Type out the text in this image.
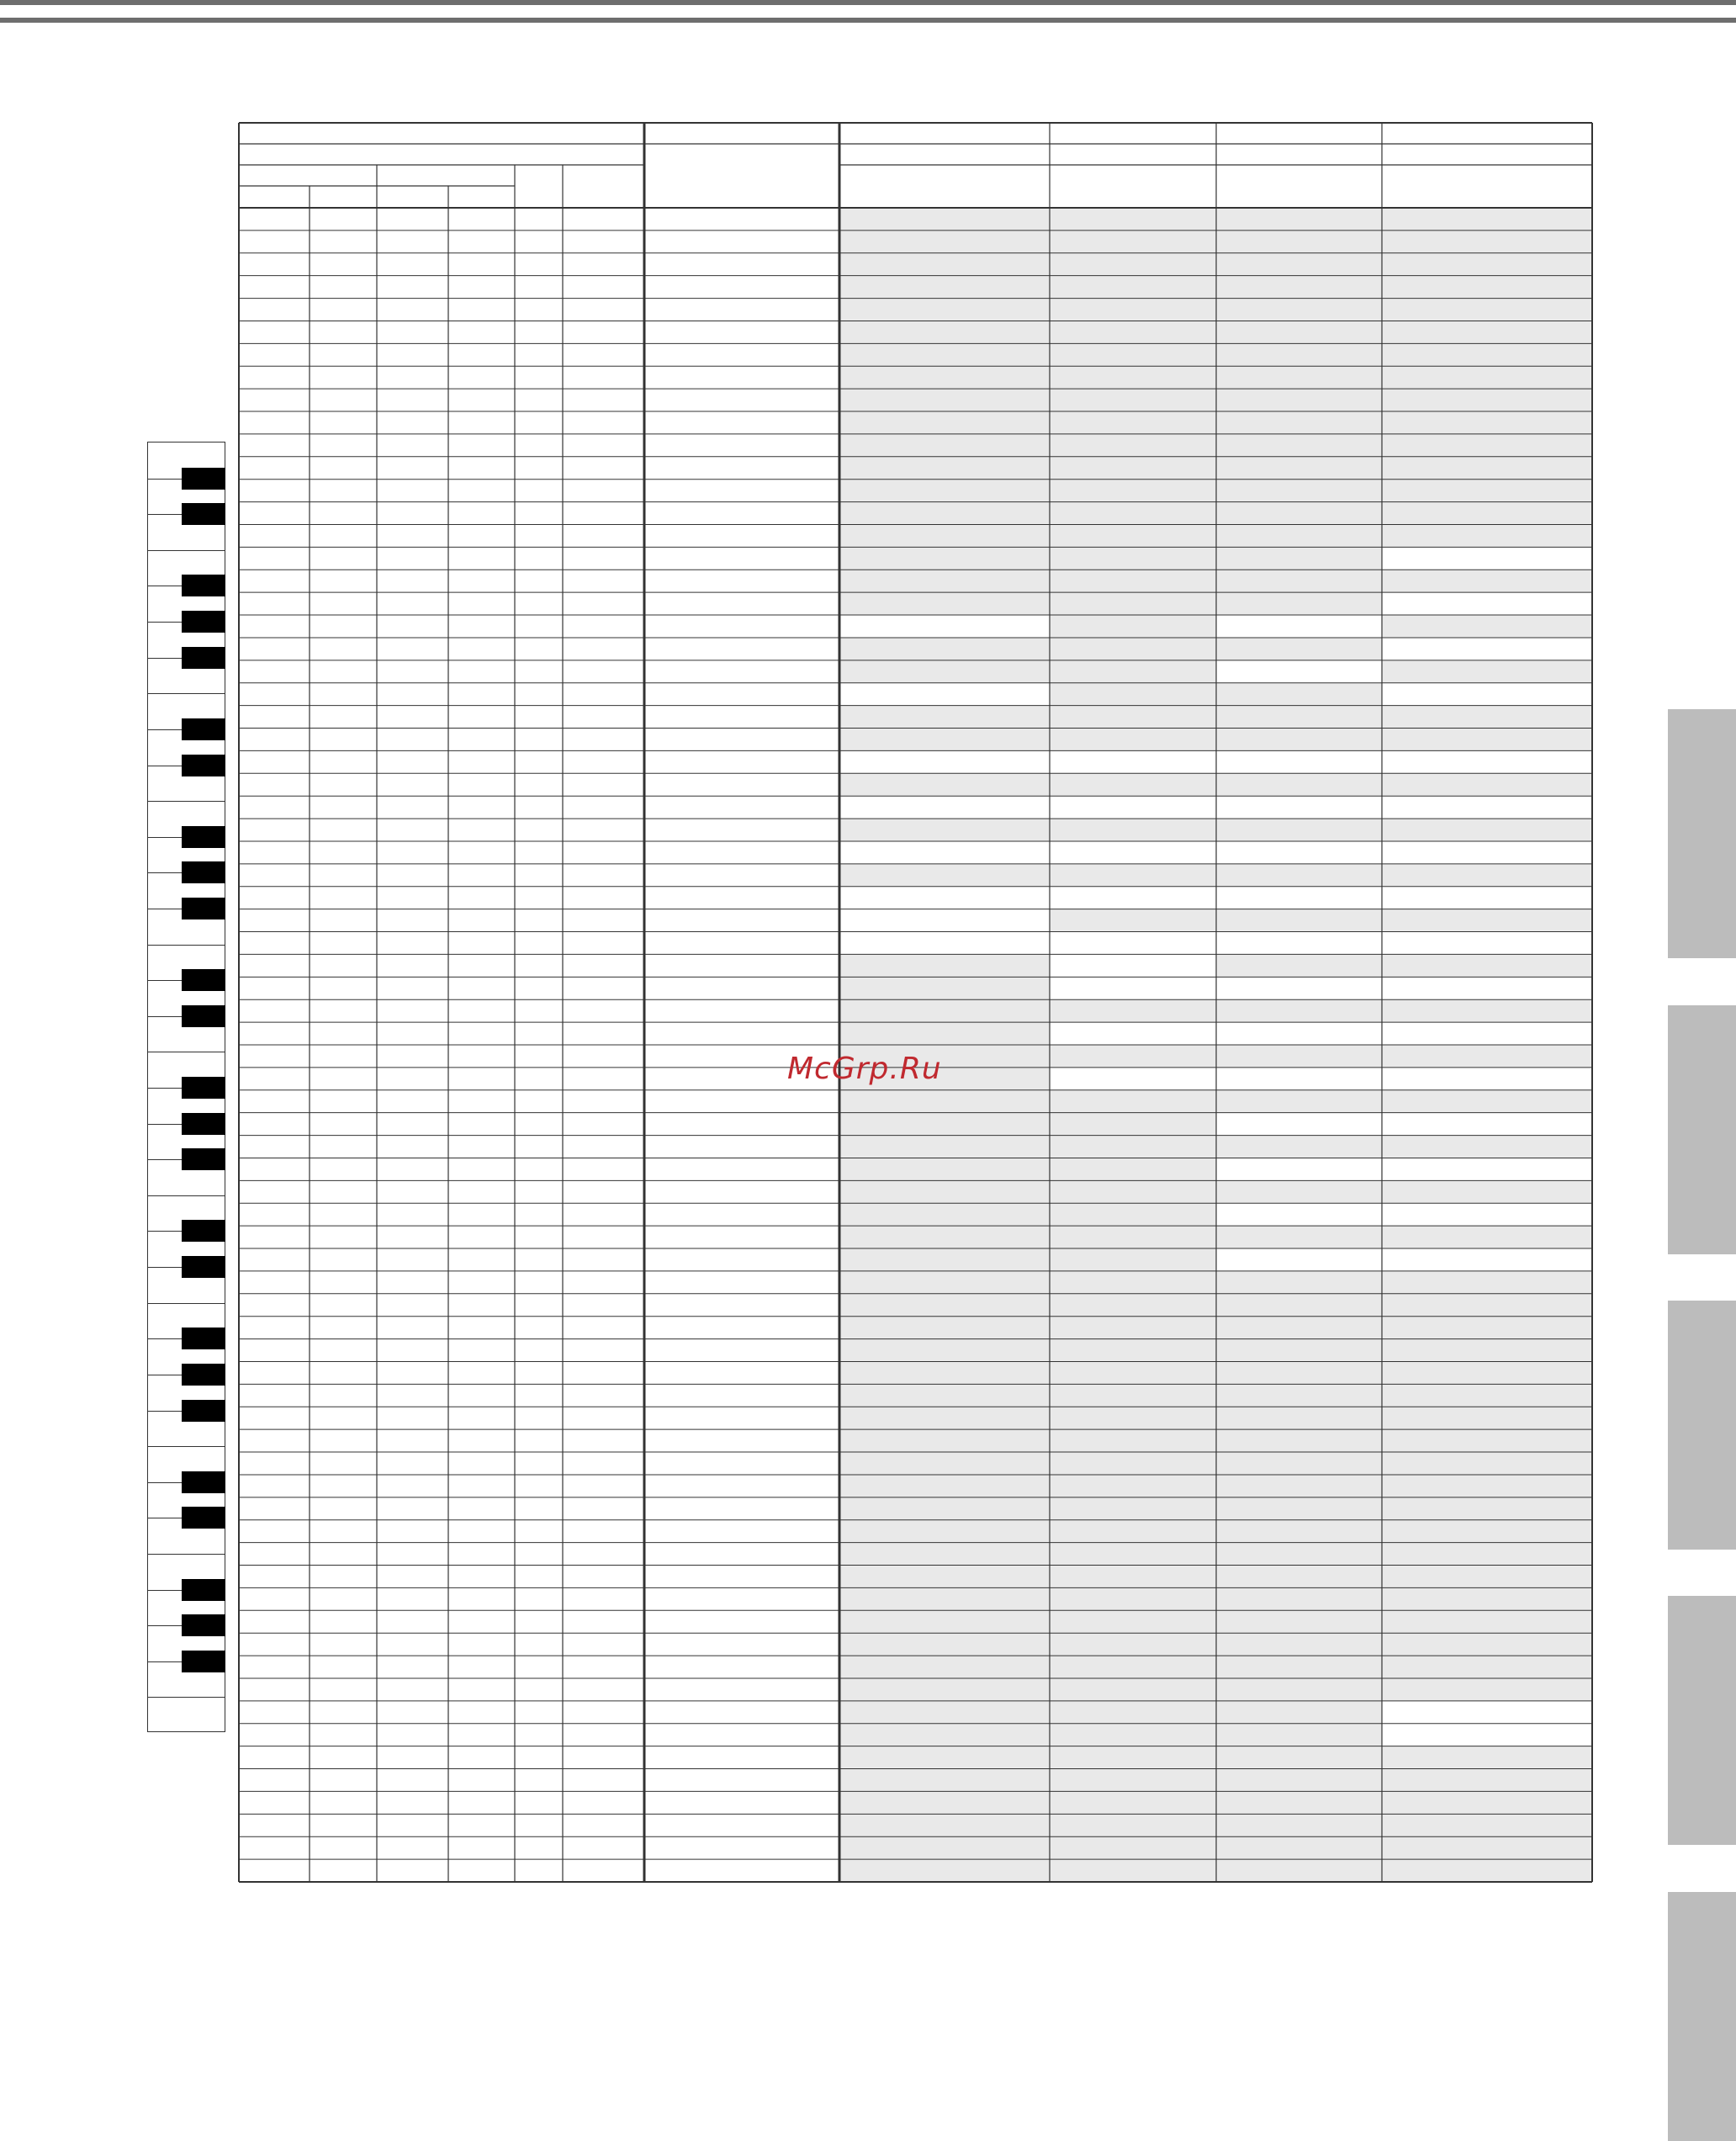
McGrp.Ru
